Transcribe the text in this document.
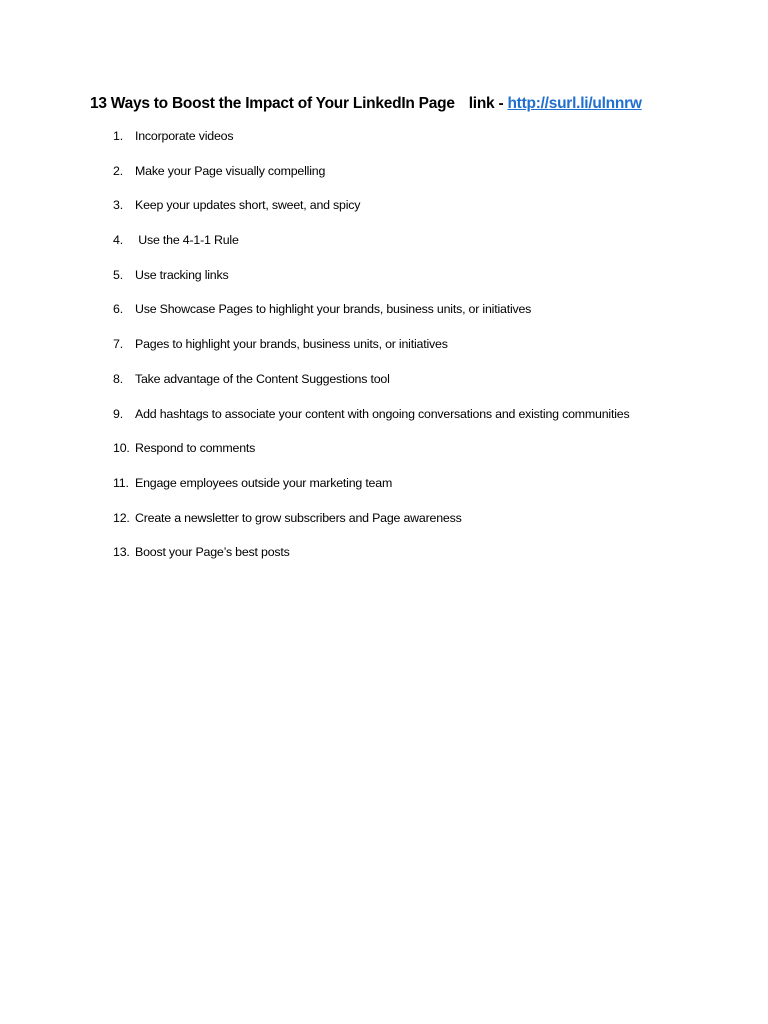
13 Ways to Boost the Impact of Your LinkedIn Page link - http://surl.li/ulnnrw
1. Incorporate videos
2. Make your Page visually compelling
3. Keep your updates short, sweet, and spicy
4. Use the 4-1-1 Rule
5. Use tracking links
6. Use Showcase Pages to highlight your brands, business units, or initiatives
7. Pages to highlight your brands, business units, or initiatives
8. Take advantage of the Content Suggestions tool
9. Add hashtags to associate your content with ongoing conversations and existing communities
10. Respond to comments
11. Engage employees outside your marketing team
12. Create a newsletter to grow subscribers and Page awareness
13. Boost your Page’s best posts
